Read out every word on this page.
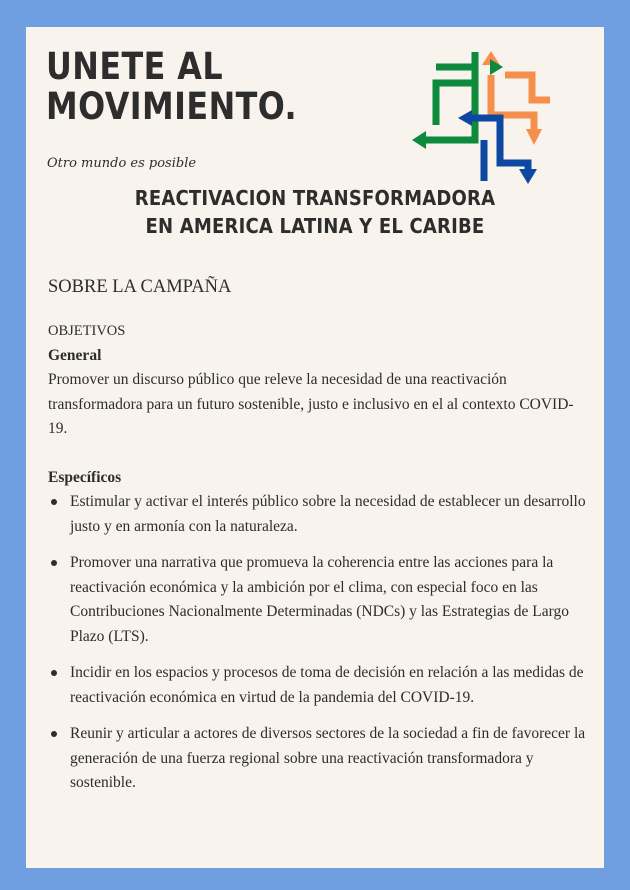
UNETE AL
MOVIMIENTO.
Otro mundo es posible
REACTIVACION TRANSFORMADORA
EN AMERICA LATINA Y EL CARIBE
SOBRE LA CAMPAÑA

OBJETIVOS

General

Promover un discurso público que releve la necesidad de una reactivación transformadora para un futuro sostenible, justo e inclusivo en el al contexto COVID-19.

Específicos

Estimular y activar el interés público sobre la necesidad de establecer un desarrollo justo y en armonía con la naturaleza.
Promover una narrativa que promueva la coherencia entre las acciones para la reactivación económica y la ambición por el clima, con especial foco en las Contribuciones Nacionalmente Determinadas (NDCs) y las Estrategias de Largo Plazo (LTS).
Incidir en los espacios y procesos de toma de decisión en relación a las medidas de reactivación económica en virtud de la pandemia del COVID-19.
Reunir y articular a actores de diversos sectores de la sociedad a fin de favorecer la generación de una fuerza regional sobre una reactivación transformadora y sostenible.
